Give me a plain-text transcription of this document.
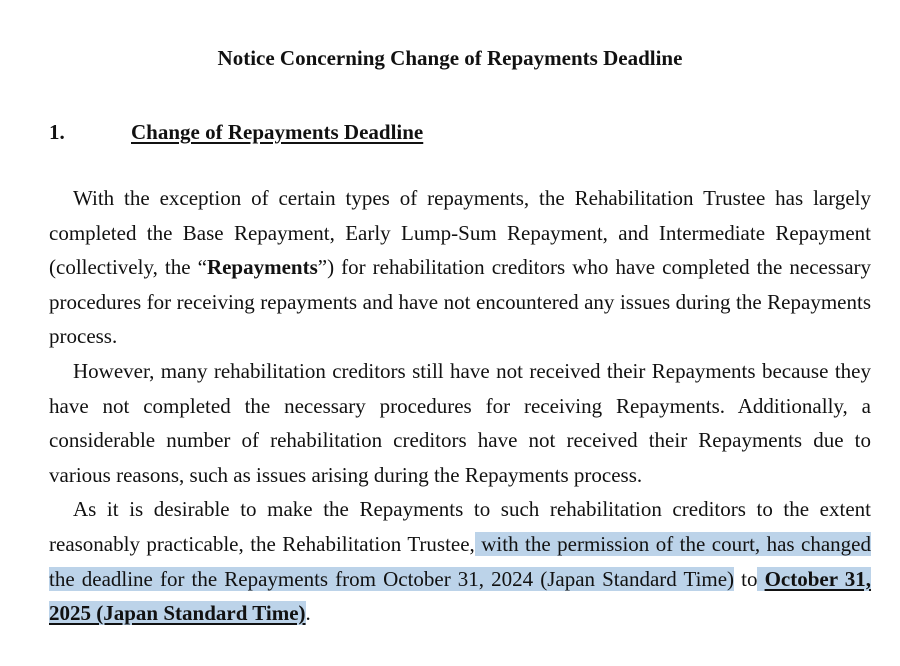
Notice Concerning Change of Repayments Deadline
1.	Change of Repayments Deadline

With the exception of certain types of repayments, the Rehabilitation Trustee has largely completed the Base Repayment, Early Lump-Sum Repayment, and Intermediate Repayment (collectively, the “Repayments”) for rehabilitation creditors who have completed the necessary procedures for receiving repayments and have not encountered any issues during the Repayments process.

However, many rehabilitation creditors still have not received their Repayments because they have not completed the necessary procedures for receiving Repayments. Additionally, a considerable number of rehabilitation creditors have not received their Repayments due to various reasons, such as issues arising during the Repayments process.

As it is desirable to make the Repayments to such rehabilitation creditors to the extent reasonably practicable, the Rehabilitation Trustee, with the permission of the court, has changed the deadline for the Repayments from October 31, 2024 (Japan Standard Time) to October 31, 2025 (Japan Standard Time).
